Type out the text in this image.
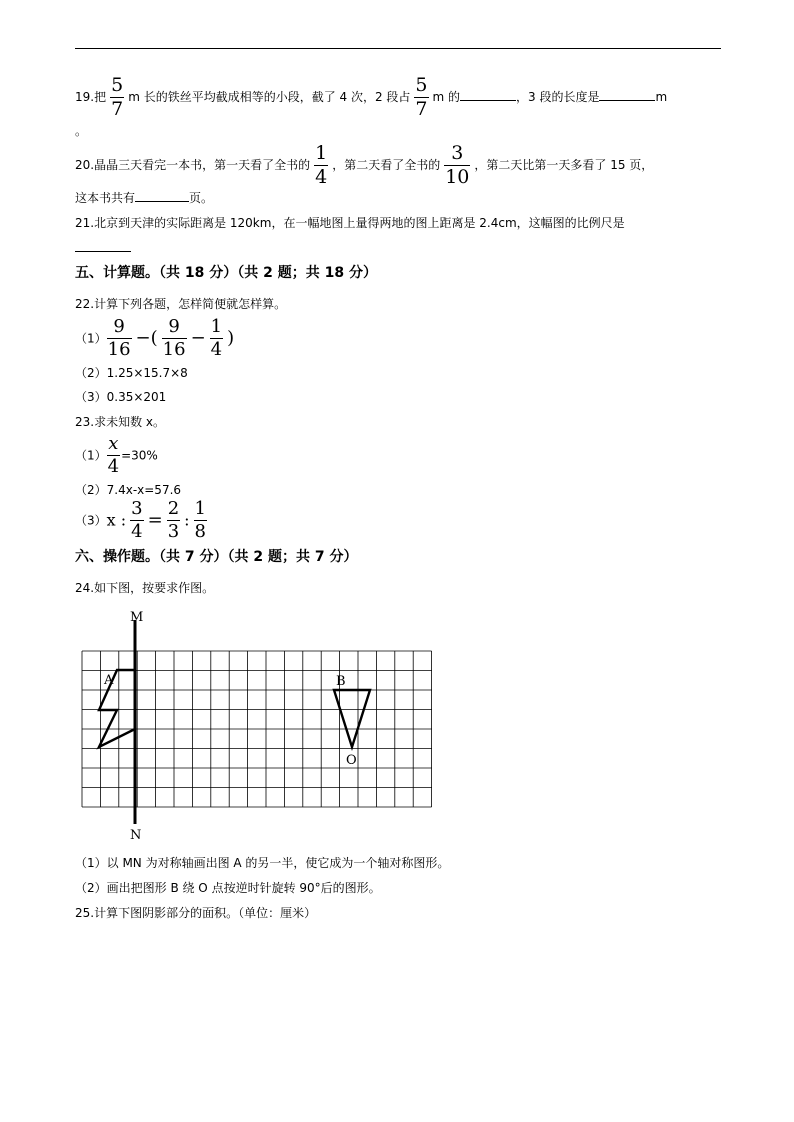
19.把 $\frac{5}{7}$ m 长的铁丝平均截成相等的小段，截了 4 次，2 段占 $\frac{5}{7}$ m 的	，3 段的长度是	m
。
20.晶晶三天看完一本书，第一天看了全书的 $\frac{1}{4}$ ，第二天看了全书的 $\frac{3}{10}$ ，第二天比第一天多看了 15 页，
这本书共有	页。
21.北京到天津的实际距离是 120km，在一幅地图上量得两地的图上距离是 2.4cm，这幅图的比例尺是
五、计算题。（共 18 分）（共 2 题；共 18 分）
22.计算下列各题，怎样简便就怎样算。
$(1) \frac{9}{16}$ −( $\frac{9}{16} - \frac{1}{4}$ )
（2）1.25×15.7×8
（3）0.35×201
23.求未知数 x。
$(1) \frac{x}{4} =30\%$
（2）7.4x-x=57.6
（3）x : $\frac{3}{4} = \frac{2}{3}$ : $\frac{1}{8}$
六、操作题。（共 7 分）（共 2 题；共 7 分）
24.如下图，按要求作图。
M
N
A	B
O
（1）以 MN 为对称轴画出图 A 的另一半，使它成为一个轴对称图形。
（2）画出把图形 B 绕 O 点按逆时针旋转 90°后的图形。
25.计算下图阴影部分的面积。（单位：厘米）
